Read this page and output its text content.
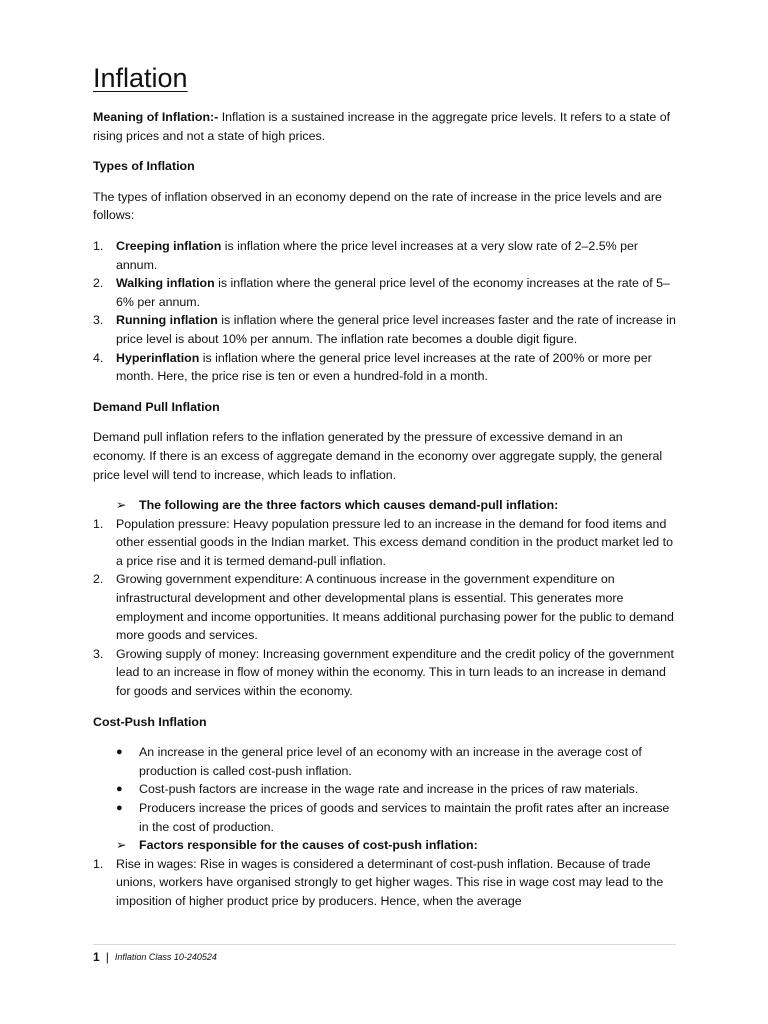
Inflation

Meaning of Inflation:- Inflation is a sustained increase in the aggregate price levels. It refers to a state of rising prices and not a state of high prices.

Types of Inflation

The types of inflation observed in an economy depend on the rate of increase in the price levels and are follows:

1. Creeping inflation is inflation where the price level increases at a very slow rate of 2–2.5% per annum.
2. Walking inflation is inflation where the general price level of the economy increases at the rate of 5–6% per annum.
3. Running inflation is inflation where the general price level increases faster and the rate of increase in price level is about 10% per annum. The inflation rate becomes a double digit figure.
4. Hyperinflation is inflation where the general price level increases at the rate of 200% or more per month. Here, the price rise is ten or even a hundred-fold in a month.
Demand Pull Inflation

Demand pull inflation refers to the inflation generated by the pressure of excessive demand in an economy. If there is an excess of aggregate demand in the economy over aggregate supply, the general price level will tend to increase, which leads to inflation.

➢ The following are the three factors which causes demand-pull inflation:
1. Population pressure: Heavy population pressure led to an increase in the demand for food items and other essential goods in the Indian market. This excess demand condition in the product market led to a price rise and it is termed demand-pull inflation.
2. Growing government expenditure: A continuous increase in the government expenditure on infrastructural development and other developmental plans is essential. This generates more employment and income opportunities. It means additional purchasing power for the public to demand more goods and services.
3. Growing supply of money: Increasing government expenditure and the credit policy of the government lead to an increase in flow of money within the economy. This in turn leads to an increase in demand for goods and services within the economy.
Cost-Push Inflation
● An increase in the general price level of an economy with an increase in the average cost of production is called cost-push inflation.
● Cost-push factors are increase in the wage rate and increase in the prices of raw materials.
● Producers increase the prices of goods and services to maintain the profit rates after an increase in the cost of production.
➢ Factors responsible for the causes of cost-push inflation:
1. Rise in wages: Rise in wages is considered a determinant of cost-push inflation. Because of trade unions, workers have organised strongly to get higher wages. This rise in wage cost may lead to the imposition of higher product price by producers. Hence, when the average
1 | Inflation Class 10-240524
